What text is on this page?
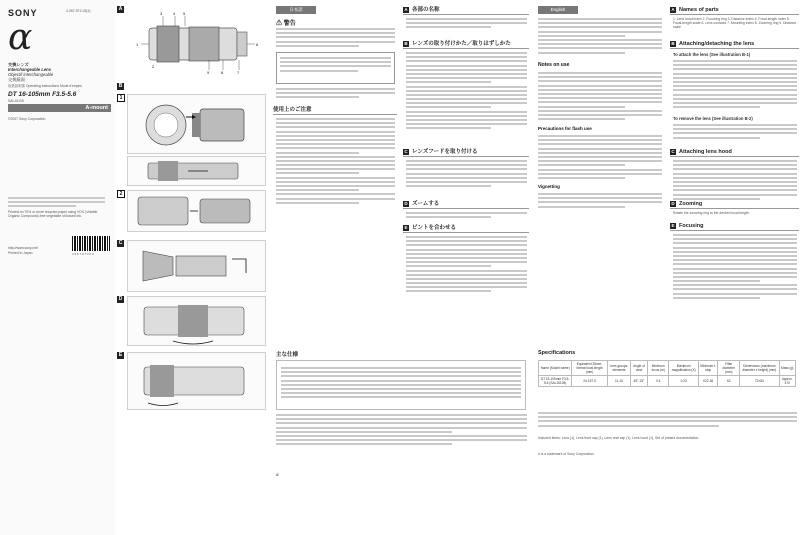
SONY	4-267-972-03(1)
α
交換レンズ
Interchangeable Lens
Objectif interchangeable
交換鏡頭
取扱説明書 Operating Instructions Mode d'emploi
DT 16-105mm F3.5-5.6
SAL16105
A-mount
©2007 Sony Corporation
Printed on 70% or more recycled paper using VOC (Volatile Organic Compound)-free vegetable oil based ink.
http://www.sony.net/
Printed in Japan	4 2 6 7 9 7 2 0 3
A
3	4 5
1	6
9	8	7
2
B
1
2
C
D
E
日本語
⚠ 警告
使用上のご注意
A 各部の名称
B レンズの取り付けかた／取りはずしかた
C レンズフードを取り付ける
D ズームする
E ピントを合わせる
English
Notes on use
Precautions for flash use
Vignetting
A Names of parts
1. Lens hood index 2. Focusing ring 3. Distance index 4. Focal-length index 5. Focal-length scale 6. Lens contacts 7. Mounting index 8. Zooming ring 9. Distance scale
B Attaching/detaching the lens
To attach the lens (See illustration B-1)
To remove the lens (See illustration B-2)
C Attaching lens hood
D Zooming
Rotate the zooming ring to the desired focal length.
E Focusing
主な仕様
α
Specifications
Name (Model name)	Equivalent 35mm-format focal length (mm)	Lens groups-elements	Angle of view	Minimum focus (m)	Maximum magnification (X)	Minimum f-stop	Filter diameter (mm)	Dimensions (maximum diameter x height) (mm)	Mass (g)
DT 16-105mm F3.5-5.6 (SAL16105)	24-157.5	11-15	83°-15°	0.4	0.23	f/22-36	62	72×83	Approx. 470
Included items: Lens (1), Lens front cap (1), Lens rear cap (1), Lens hood (1), Set of printed documentation
α is a trademark of Sony Corporation.
